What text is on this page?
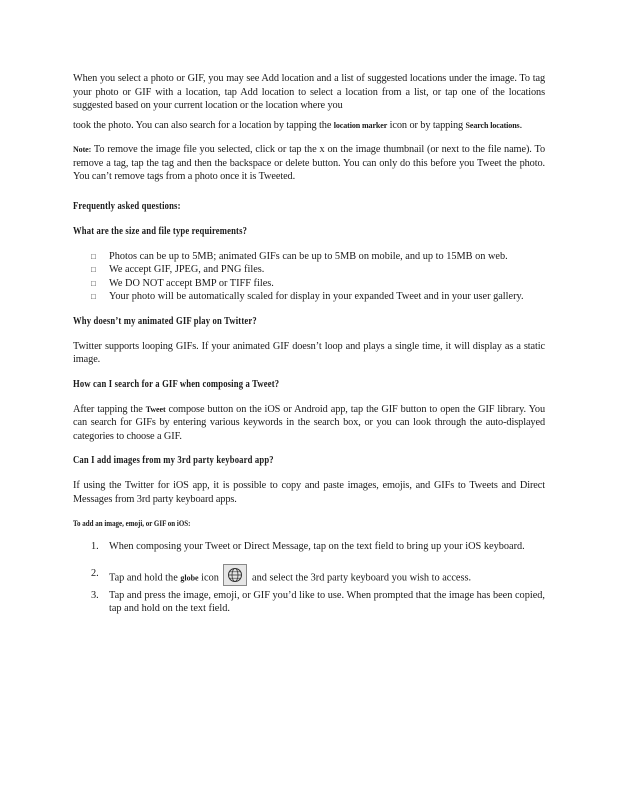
When you select a photo or GIF, you may see Add location and a list of suggested locations under the image. To tag your photo or GIF with a location, tap Add location to select a location from a list, or tap one of the locations suggested based on your current location or the location where you

took the photo. You can also search for a location by tapping the location marker icon or by tapping Search locations.

Note: To remove the image file you selected, click or tap the x on the image thumbnail (or next to the file name). To remove a tag, tap the tag and then the backspace or delete button. You can only do this before you Tweet the photo. You can’t remove tags from a photo once it is Tweeted.

Frequently asked questions:
What are the size and file type requirements?
□ Photos can be up to 5MB; animated GIFs can be up to 5MB on mobile, and up to 15MB on web.
□ We accept GIF, JPEG, and PNG files.
□ We DO NOT accept BMP or TIFF files.
□ Your photo will be automatically scaled for display in your expanded Tweet and in your user gallery.
Why doesn’t my animated GIF play on Twitter?

Twitter supports looping GIFs. If your animated GIF doesn’t loop and plays a single time, it will display as a static image.

How can I search for a GIF when composing a Tweet?

After tapping the Tweet compose button on the iOS or Android app, tap the GIF button to open the GIF library. You can search for GIFs by entering various keywords in the search box, or you can look through the auto-displayed categories to choose a GIF.

Can I add images from my 3rd party keyboard app?

If using the Twitter for iOS app, it is possible to copy and paste images, emojis, and GIFs to Tweets and Direct Messages from 3rd party keyboard apps.

To add an image, emoji, or GIF on iOS:
1. When composing your Tweet or Direct Message, tap on the text field to bring up your iOS keyboard.
2. Tap and hold the globe icon	and select the 3rd party keyboard you wish to access.
3. Tap and press the image, emoji, or GIF you’d like to use. When prompted that the image has been copied, tap and hold on the text field.
